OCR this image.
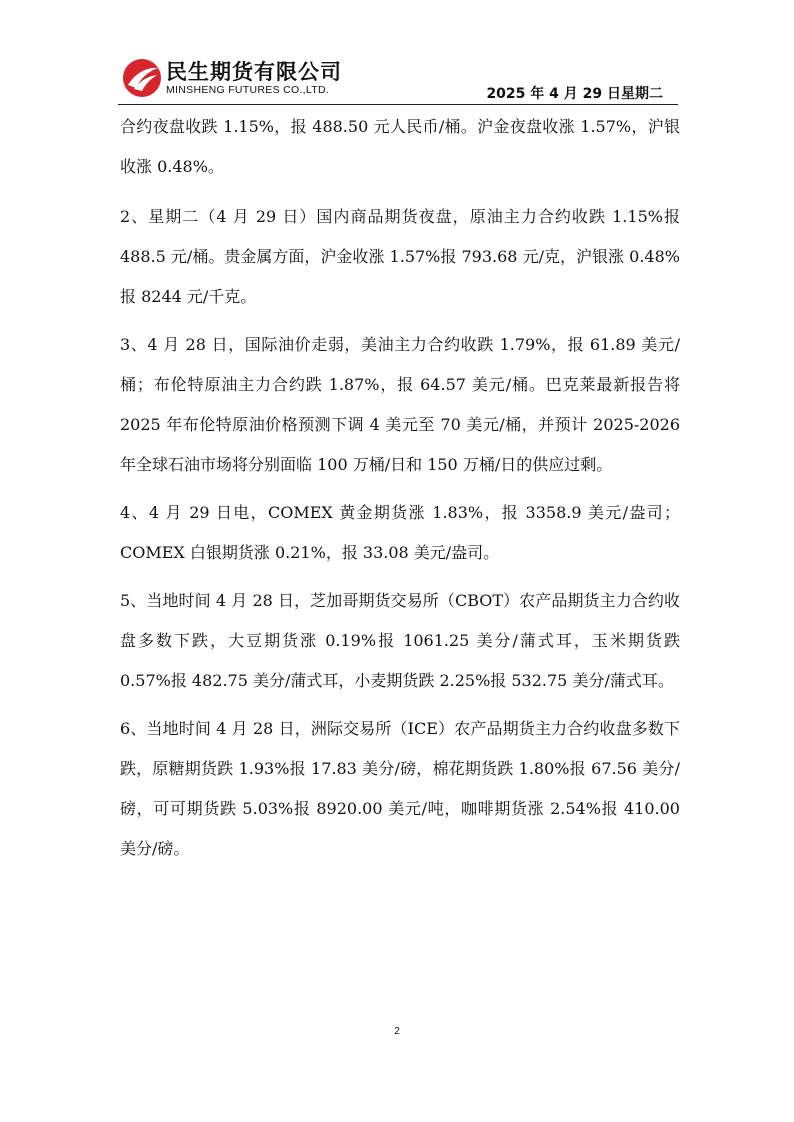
民生期货有限公司
MINSHENG FUTURES CO.,LTD.	2025 年 4 月 29 日星期二

合约夜盘收跌 1.15%，报 488.50 元人民币/桶。沪金夜盘收涨 1.57%，沪银收涨 0.48%。

2、星期二（4 月 29 日）国内商品期货夜盘，原油主力合约收跌 1.15%报 488.5 元/桶。贵金属方面，沪金收涨 1.57%报 793.68 元/克，沪银涨 0.48%报 8244 元/千克。

3、4 月 28 日，国际油价走弱，美油主力合约收跌 1.79%，报 61.89 美元/桶；布伦特原油主力合约跌 1.87%，报 64.57 美元/桶。巴克莱最新报告将 2025 年布伦特原油价格预测下调 4 美元至 70 美元/桶，并预计 2025-2026 年全球石油市场将分别面临 100 万桶/日和 150 万桶/日的供应过剩。

4、4 月 29 日电，COMEX 黄金期货涨 1.83%，报 3358.9 美元/盎司；COMEX 白银期货涨 0.21%，报 33.08 美元/盎司。

5、当地时间 4 月 28 日，芝加哥期货交易所（CBOT）农产品期货主力合约收盘多数下跌，大豆期货涨 0.19%报 1061.25 美分/蒲式耳，玉米期货跌 0.57%报 482.75 美分/蒲式耳，小麦期货跌 2.25%报 532.75 美分/蒲式耳。

6、当地时间 4 月 28 日，洲际交易所（ICE）农产品期货主力合约收盘多数下跌，原糖期货跌 1.93%报 17.83 美分/磅，棉花期货跌 1.80%报 67.56 美分/磅，可可期货跌 5.03%报 8920.00 美元/吨，咖啡期货涨 2.54%报 410.00 美分/磅。

2
